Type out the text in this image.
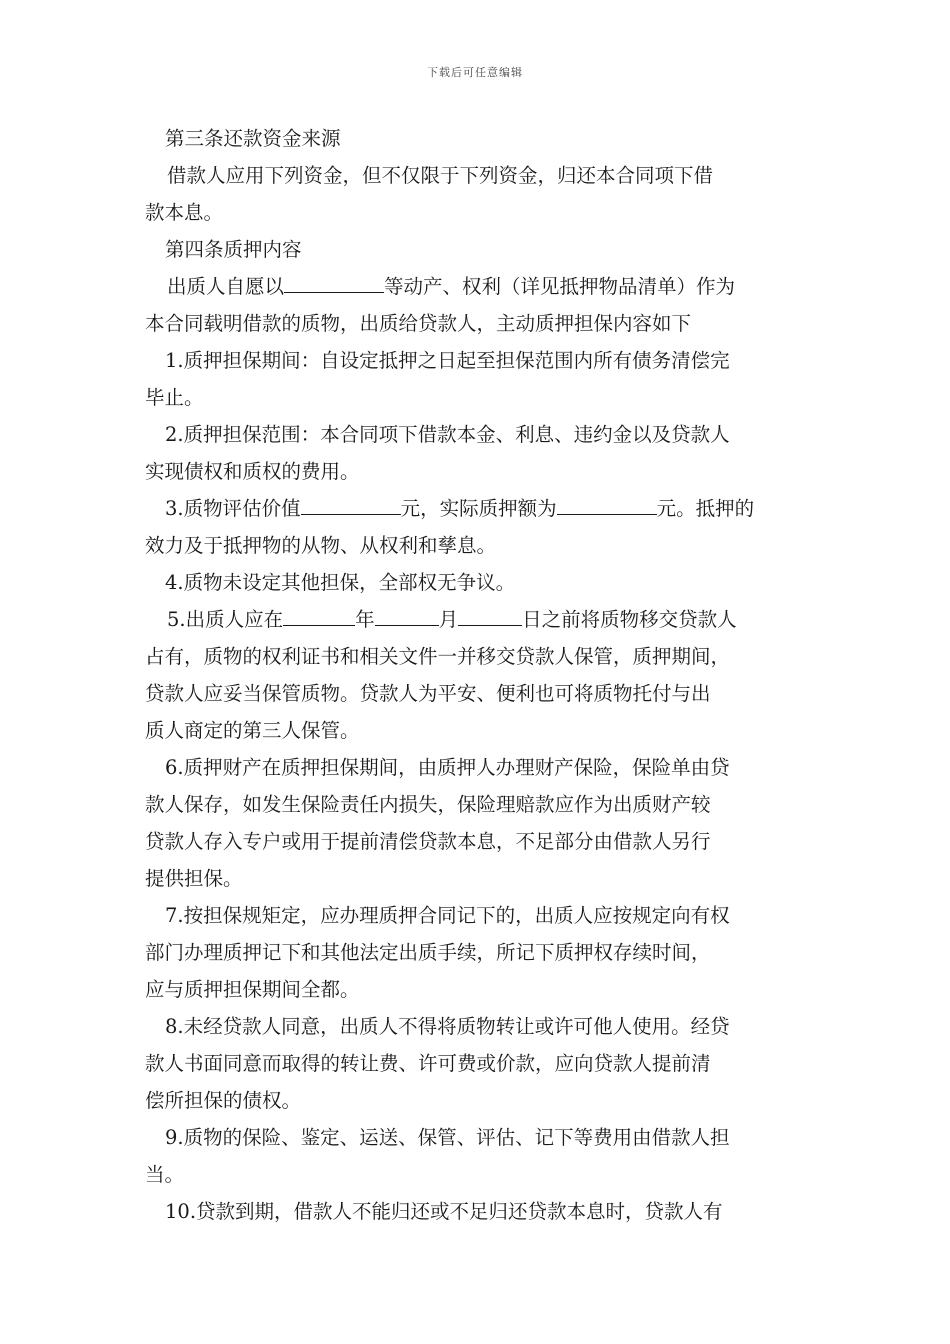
下载后可任意编辑
第三条还款资金来源
借款人应用下列资金，但不仅限于下列资金，归还本合同项下借
款本息。
第四条质押内容
出质人自愿以	等动产、权利（详见抵押物品清单）作为
本合同载明借款的质物，出质给贷款人，主动质押担保内容如下
1.质押担保期间：自设定抵押之日起至担保范围内所有债务清偿完
毕止。
2.质押担保范围：本合同项下借款本金、利息、违约金以及贷款人
实现债权和质权的费用。
3.质物评估价值	元，实际质押额为	元。抵押的
效力及于抵押物的从物、从权利和孳息。
4.质物未设定其他担保，全部权无争议。
5.出质人应在	年	月	日之前将质物移交贷款人
占有，质物的权利证书和相关文件一并移交贷款人保管，质押期间，
贷款人应妥当保管质物。贷款人为平安、便利也可将质物托付与出
质人商定的第三人保管。
6.质押财产在质押担保期间，由质押人办理财产保险，保险单由贷
款人保存，如发生保险责任内损失，保险理赔款应作为出质财产较
贷款人存入专户或用于提前清偿贷款本息，不足部分由借款人另行
提供担保。
7.按担保规矩定，应办理质押合同记下的，出质人应按规定向有权
部门办理质押记下和其他法定出质手续，所记下质押权存续时间，
应与质押担保期间全都。
8.未经贷款人同意，出质人不得将质物转让或许可他人使用。经贷
款人书面同意而取得的转让费、许可费或价款，应向贷款人提前清
偿所担保的债权。
9.质物的保险、鉴定、运送、保管、评估、记下等费用由借款人担
当。
10.贷款到期，借款人不能归还或不足归还贷款本息时，贷款人有
